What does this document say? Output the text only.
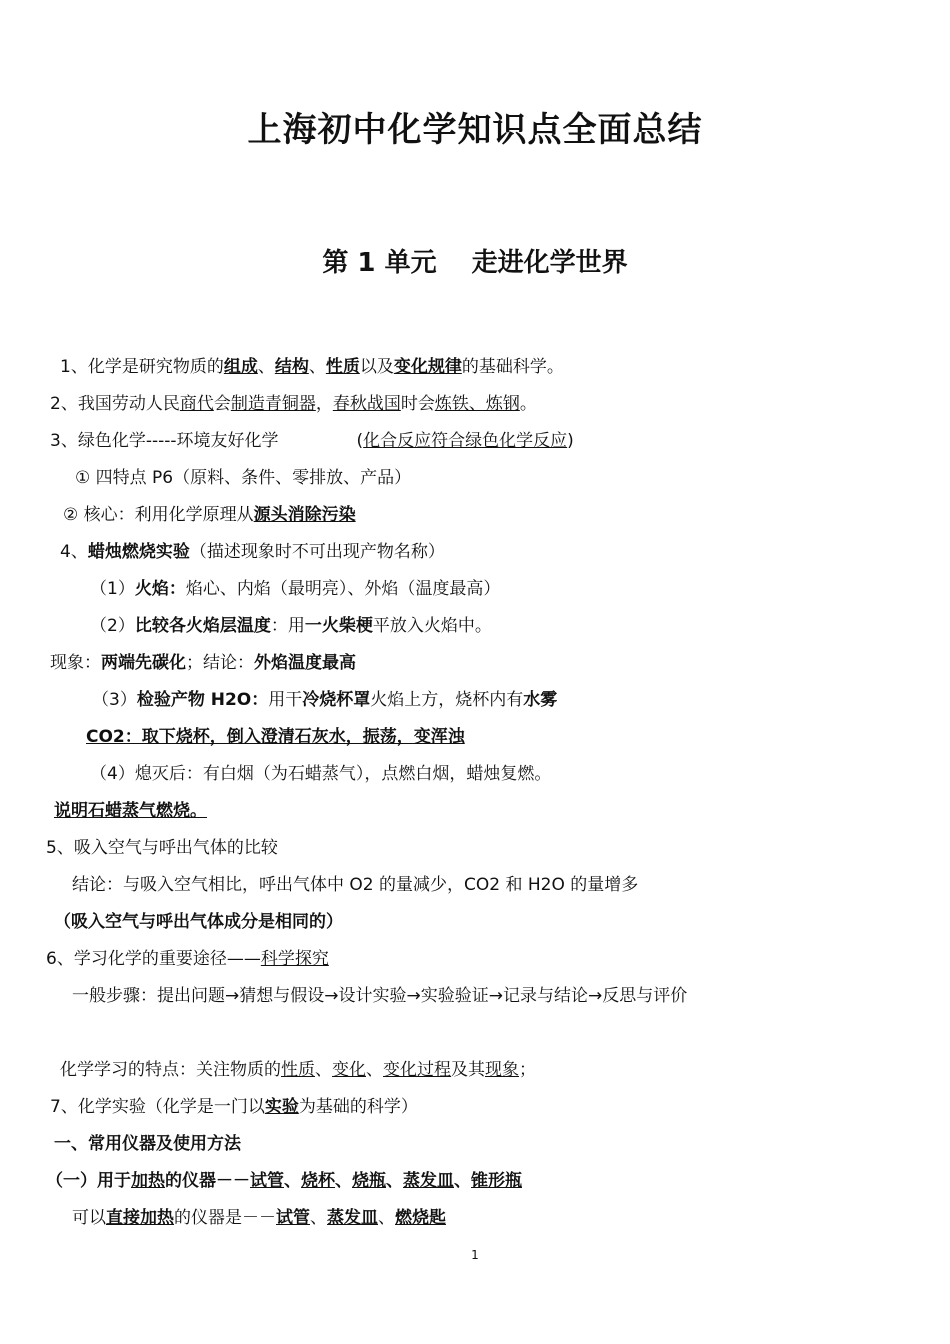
上海初中化学知识点全面总结
第 1 单元　 走进化学世界
1、化学是研究物质的组成、结构、性质以及变化规律的基础科学。
2、我国劳动人民商代会制造青铜器，春秋战国时会炼铁、炼钢。
3、绿色化学-----环境友好化学	(化合反应符合绿色化学反应)
① 四特点 P6（原料、条件、零排放、产品）
② 核心：利用化学原理从源头消除污染
4、蜡烛燃烧实验（描述现象时不可出现产物名称）
（1）火焰：焰心、内焰（最明亮）、外焰（温度最高）
（2）比较各火焰层温度：用一火柴梗平放入火焰中。
现象：两端先碳化；结论：外焰温度最高
（3）检验产物 H2O：用干冷烧杯罩火焰上方，烧杯内有水雾
CO2：取下烧杯，倒入澄清石灰水，振荡，变浑浊
（4）熄灭后：有白烟（为石蜡蒸气），点燃白烟，蜡烛复燃。
说明石蜡蒸气燃烧。
5、吸入空气与呼出气体的比较
结论：与吸入空气相比，呼出气体中 O2 的量减少，CO2 和 H2O 的量增多
（吸入空气与呼出气体成分是相同的）
6、学习化学的重要途径——科学探究
一般步骤：提出问题→猜想与假设→设计实验→实验验证→记录与结论→反思与评价
化学学习的特点：关注物质的性质、变化、变化过程及其现象；
7、化学实验（化学是一门以实验为基础的科学）
一、常用仪器及使用方法
（一）用于加热的仪器－－试管、烧杯、烧瓶、蒸发皿、锥形瓶
可以直接加热的仪器是－－试管、蒸发皿、燃烧匙
1
